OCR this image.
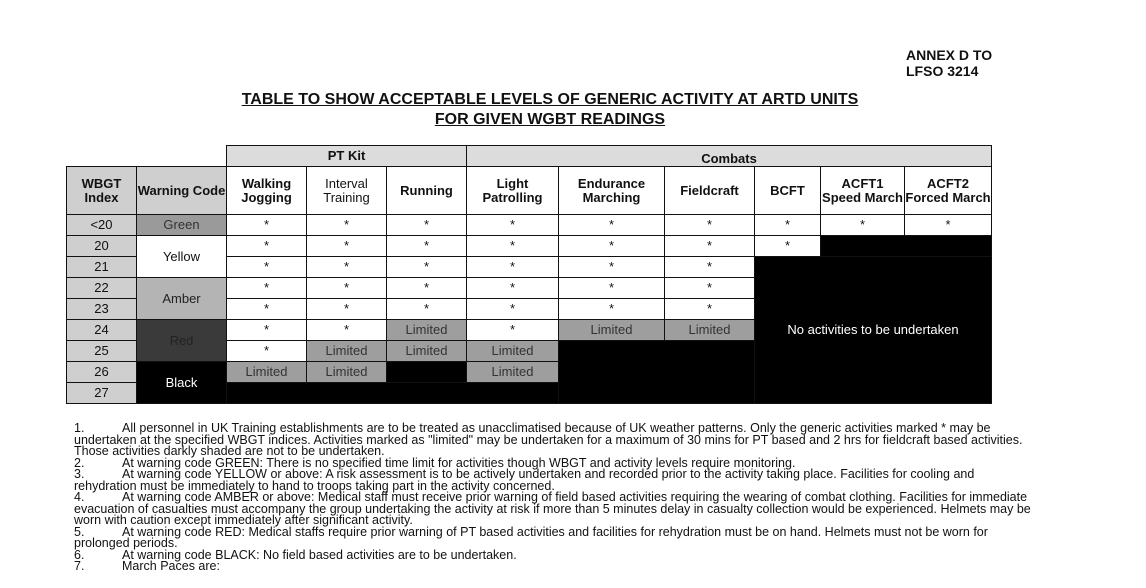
ANNEX D TO
LFSO 3214
TABLE TO SHOW ACCEPTABLE LEVELS OF GENERIC ACTIVITY AT ARTD UNITS
FOR GIVEN WGBT READINGS
		PT Kit			Combats					
WBGT Index	Warning Code	Walking Jogging	Interval Training	Running	Light Patrolling	Endurance Marching	Fieldcraft	BCFT	ACFT1 Speed March	ACFT2 Forced March
<20	Green	*	*	*	*	*	*	*	*	*
20	Yellow	*	*	*	*	*	*	*		
21		*	*	*	*	*	*	No activities to be undertaken		
22	Amber	*	*	*	*	*	*			
23		*	*	*	*	*	*			
24	Red	*	*	Limited	*	Limited	Limited			
25		*	Limited	Limited	Limited					
26	Black	Limited	Limited		Limited					
27										

1.	All personnel in UK Training establishments are to be treated as unacclimatised because of UK weather patterns. Only the generic activities marked * may be undertaken at the specified WBGT indices. Activities marked as "limited" may be undertaken for a maximum of 30 mins for PT based and 2 hrs for fieldcraft based activities. Those activities darkly shaded are not to be undertaken.

2.	At warning code GREEN: There is no specified time limit for activities though WBGT and activity levels require monitoring.

3.	At warning code YELLOW or above: A risk assessment is to be actively undertaken and recorded prior to the activity taking place. Facilities for cooling and rehydration must be immediately to hand to troops taking part in the activity concerned.

4.	At warning code AMBER or above: Medical staff must receive prior warning of field based activities requiring the wearing of combat clothing. Facilities for immediate evacuation of casualties must accompany the group undertaking the activity at risk if more than 5 minutes delay in casualty collection would be experienced. Helmets may be worn with caution except immediately after significant activity.

5.	At warning code RED: Medical staffs require prior warning of PT based activities and facilities for rehydration must be on hand. Helmets must not be worn for prolonged periods.

6.	At warning code BLACK: No field based activities are to be undertaken.

7.	March Paces are:
